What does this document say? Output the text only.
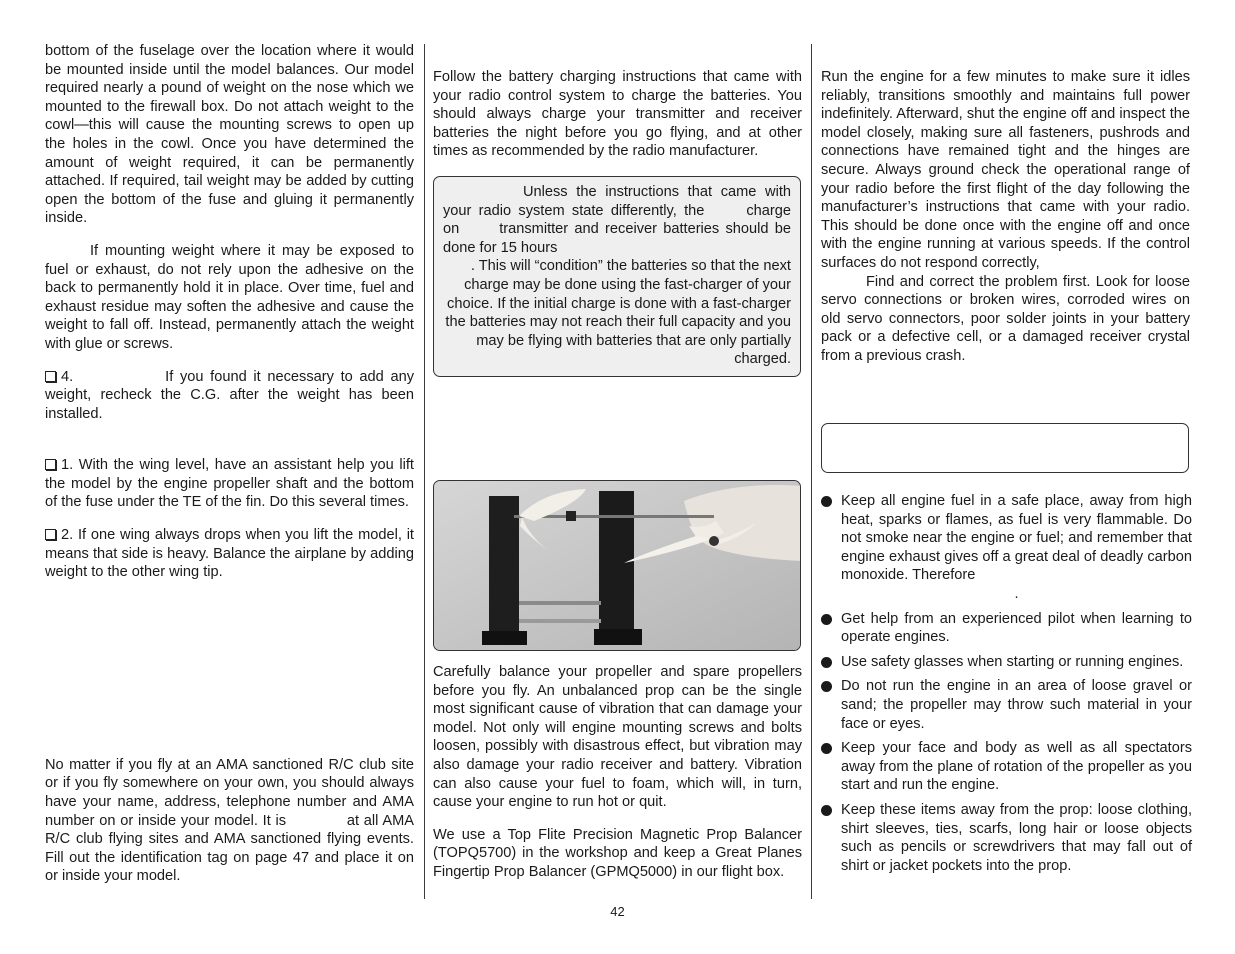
bottom of the fuselage over the location where it would be mounted inside until the model balances. Our model required nearly a pound of weight on the nose which we mounted to the firewall box. Do not attach weight to the cowl—this will cause the mounting screws to open up the holes in the cowl. Once you have determined the amount of weight required, it can be permanently attached. If required, tail weight may be added by cutting open the bottom of the fuse and gluing it permanently inside.

If mounting weight where it may be exposed to fuel or exhaust, do not rely upon the adhesive on the back to permanently hold it in place. Over time, fuel and exhaust residue may soften the adhesive and cause the weight to fall off. Instead, permanently attach the weight with glue or screws.

4.	If you found it necessary to add any weight, recheck the C.G. after the weight has been installed.

1. With the wing level, have an assistant help you lift the model by the engine propeller shaft and the bottom of the fuse under the TE of the fin. Do this several times.

2. If one wing always drops when you lift the model, it means that side is heavy. Balance the airplane by adding weight to the other wing tip.

No matter if you fly at an AMA sanctioned R/C club site or if you fly somewhere on your own, you should always have your name, address, telephone number and AMA number on or inside your model. It is	at all AMA R/C club flying sites and AMA sanctioned flying events. Fill out the identification tag on page 47 and place it on or inside your model.

Follow the battery charging instructions that came with your radio control system to charge the batteries. You should always charge your transmitter and receiver batteries the night before you go flying, and at other times as recommended by the radio manufacturer.

Unless the instructions that came with your radio system state differently, the	charge on	transmitter and receiver batteries should be done for 15 hours

. This will “condition” the batteries so that the next charge may be done using the fast-charger of your choice. If the initial charge is done with a fast-charger the batteries may not reach their full capacity and you may be flying with batteries that are only partially charged.

Carefully balance your propeller and spare propellers before you fly. An unbalanced prop can be the single most significant cause of vibration that can damage your model. Not only will engine mounting screws and bolts loosen, possibly with disastrous effect, but vibration may also damage your radio receiver and battery. Vibration can also cause your fuel to foam, which will, in turn, cause your engine to run hot or quit.

We use a Top Flite Precision Magnetic Prop Balancer (TOPQ5700) in the workshop and keep a Great Planes Fingertip Prop Balancer (GPMQ5000) in our flight box.

Run the engine for a few minutes to make sure it idles reliably, transitions smoothly and maintains full power indefinitely. Afterward, shut the engine off and inspect the model closely, making sure all fasteners, pushrods and connections have remained tight and the hinges are secure. Always ground check the operational range of your radio before the first flight of the day following the manufacturer’s instructions that came with your radio. This should be done once with the engine off and once with the engine running at various speeds. If the control surfaces do not respond correctly,

Find and correct the problem first. Look for loose servo connections or broken wires, corroded wires on old servo connectors, poor solder joints in your battery pack or a defective cell, or a damaged receiver crystal from a previous crash.

Keep all engine fuel in a safe place, away from high heat, sparks or flames, as fuel is very flammable. Do not smoke near the engine or fuel; and remember that engine exhaust gives off a great deal of deadly carbon monoxide. Therefore
.
Get help from an experienced pilot when learning to operate engines.
Use safety glasses when starting or running engines.
Do not run the engine in an area of loose gravel or sand; the propeller may throw such material in your face or eyes.
Keep your face and body as well as all spectators away from the plane of rotation of the propeller as you start and run the engine.
Keep these items away from the prop: loose clothing, shirt sleeves, ties, scarfs, long hair or loose objects such as pencils or screwdrivers that may fall out of shirt or jacket pockets into the prop.
42
